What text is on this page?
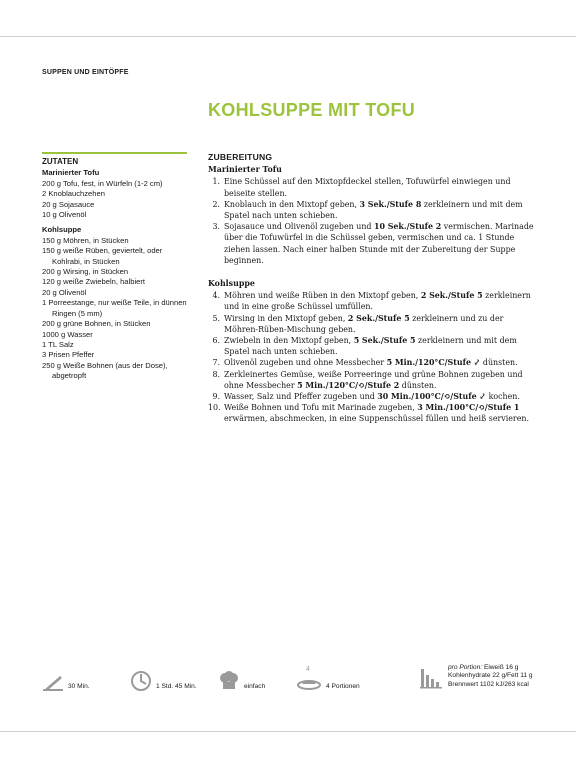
SUPPEN UND EINTÖPFE
KOHLSUPPE MIT TOFU
ZUTATEN
Marinierter Tofu
200 g Tofu, fest, in Würfeln (1-2 cm)
2 Knoblauchzehen
20 g Sojasauce
10 g Olivenöl
Kohlsuppe
150 g Möhren, in Stücken
150 g weiße Rüben, geviertelt, oder Kohlrabi, in Stücken
200 g Wirsing, in Stücken
120 g weiße Zwiebeln, halbiert
20 g Olivenöl
1 Porreestange, nur weiße Teile, in dünnen Ringen (5 mm)
200 g grüne Bohnen, in Stücken
1000 g Wasser
1 TL Salz
3 Prisen Pfeffer
250 g Weiße Bohnen (aus der Dose), abgetropft
ZUBEREITUNG
Marinierter Tofu
1. Eine Schüssel auf den Mixtopfdeckel stellen, Tofuwürfel einwiegen und beiseite stellen.
2. Knoblauch in den Mixtopf geben, 3 Sek./Stufe 8 zerkleinern und mit dem Spatel nach unten schieben.
3. Sojasauce und Olivenöl zugeben und 10 Sek./Stufe 2 vermischen. Marinade über die Tofuwürfel in die Schüssel geben, vermischen und ca. 1 Stunde ziehen lassen. Nach einer halben Stunde mit der Zubereitung der Suppe beginnen.
Kohlsuppe
4. Möhren und weiße Rüben in den Mixtopf geben, 2 Sek./Stufe 5 zerkleinern und in eine große Schüssel umfüllen.
5. Wirsing in den Mixtopf geben, 2 Sek./Stufe 5 zerkleinern und zu der Möhren-Rüben-Mischung geben.
6. Zwiebeln in den Mixtopf geben, 5 Sek./Stufe 5 zerkleinern und mit dem Spatel nach unten schieben.
7. Olivenöl zugeben und ohne Messbecher 5 Min./120°C/Stufe ⤦ dünsten.
8. Zerkleinertes Gemüse, weiße Porreeringe und grüne Bohnen zugeben und ohne Messbecher 5 Min./120°C/⟲/Stufe 2 dünsten.
9. Wasser, Salz und Pfeffer zugeben und 30 Min./100°C/⟲/Stufe ⤦ kochen.
10. Weiße Bohnen und Tofu mit Marinade zugeben, 3 Min./100°C/⟲/Stufe 1 erwärmen, abschmecken, in eine Suppenschüssel füllen und heiß servieren.
30 Min.	1 Std. 45 Min.	einfach
4
4 Portionen
pro Portion: Eiweiß 16 g
Kohlenhydrate 22 g/Fett 11 g
Brennwert 1102 kJ/263 kcal
